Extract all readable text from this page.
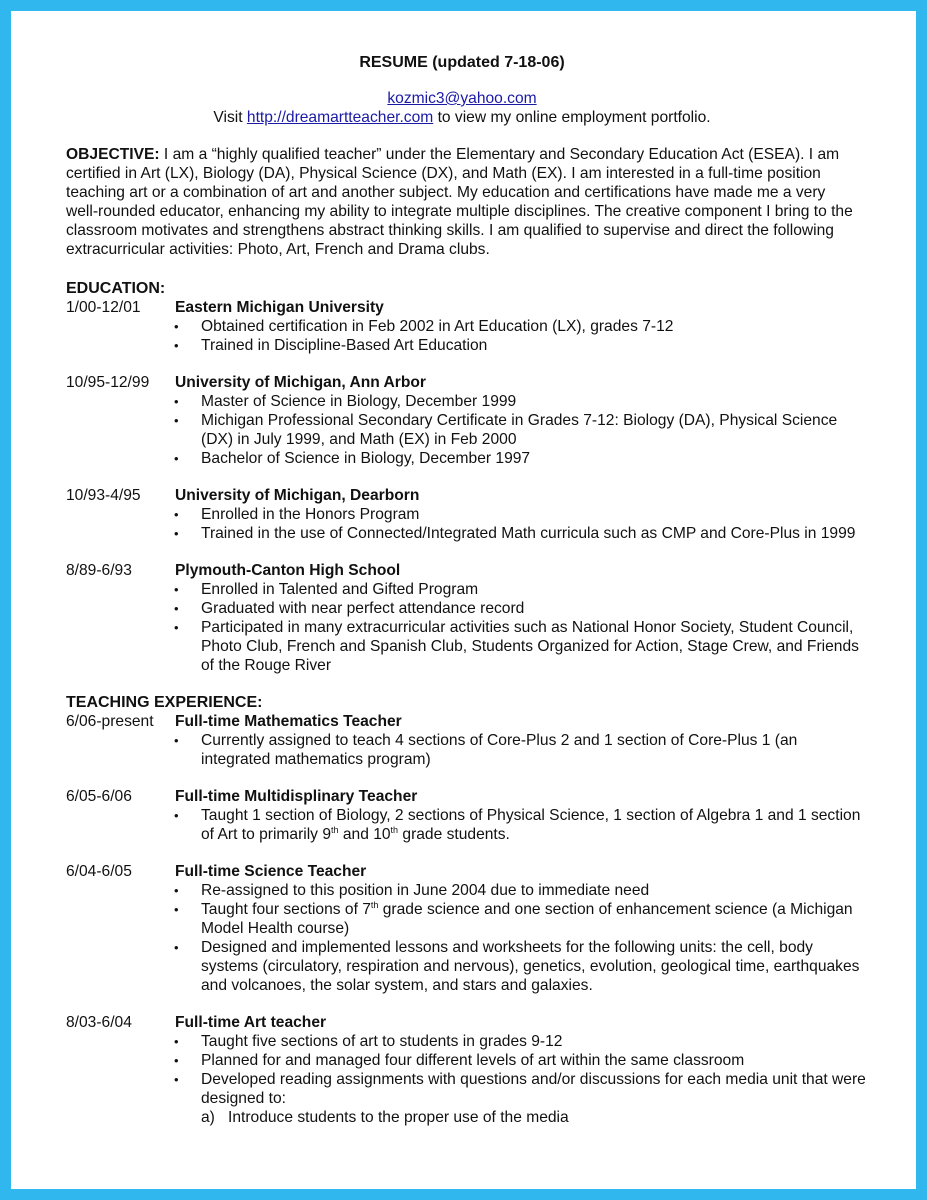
RESUME (updated 7-18-06)
kozmic3@yahoo.com
Visit http://dreamartteacher.com to view my online employment portfolio.
OBJECTIVE: I am a “highly qualified teacher” under the Elementary and Secondary Education Act (ESEA). I am certified in Art (LX), Biology (DA), Physical Science (DX), and Math (EX). I am interested in a full-time position teaching art or a combination of art and another subject. My education and certifications have made me a very well-rounded educator, enhancing my ability to integrate multiple disciplines. The creative component I bring to the classroom motivates and strengthens abstract thinking skills. I am qualified to supervise and direct the following extracurricular activities: Photo, Art, French and Drama clubs.
EDUCATION:
1/00-12/01	Eastern Michigan University
• Obtained certification in Feb 2002 in Art Education (LX), grades 7-12
• Trained in Discipline-Based Art Education
10/95-12/99	University of Michigan, Ann Arbor
• Master of Science in Biology, December 1999
• Michigan Professional Secondary Certificate in Grades 7-12: Biology (DA), Physical Science (DX) in July 1999, and Math (EX) in Feb 2000
• Bachelor of Science in Biology, December 1997
10/93-4/95	University of Michigan, Dearborn
• Enrolled in the Honors Program
• Trained in the use of Connected/Integrated Math curricula such as CMP and Core-Plus in 1999
8/89-6/93	Plymouth-Canton High School
• Enrolled in Talented and Gifted Program
• Graduated with near perfect attendance record
• Participated in many extracurricular activities such as National Honor Society, Student Council, Photo Club, French and Spanish Club, Students Organized for Action, Stage Crew, and Friends of the Rouge River
TEACHING EXPERIENCE:
6/06-present	Full-time Mathematics Teacher
• Currently assigned to teach 4 sections of Core-Plus 2 and 1 section of Core-Plus 1 (an integrated mathematics program)
6/05-6/06	Full-time Multidisplinary Teacher
• Taught 1 section of Biology, 2 sections of Physical Science, 1 section of Algebra 1 and 1 section of Art to primarily 9th and 10th grade students.
6/04-6/05	Full-time Science Teacher
• Re-assigned to this position in June 2004 due to immediate need
• Taught four sections of 7th grade science and one section of enhancement science (a Michigan Model Health course)
• Designed and implemented lessons and worksheets for the following units: the cell, body systems (circulatory, respiration and nervous), genetics, evolution, geological time, earthquakes and volcanoes, the solar system, and stars and galaxies.
8/03-6/04	Full-time Art teacher
• Taught five sections of art to students in grades 9-12
• Planned for and managed four different levels of art within the same classroom
• Developed reading assignments with questions and/or discussions for each media unit that were designed to:
a) Introduce students to the proper use of the media
